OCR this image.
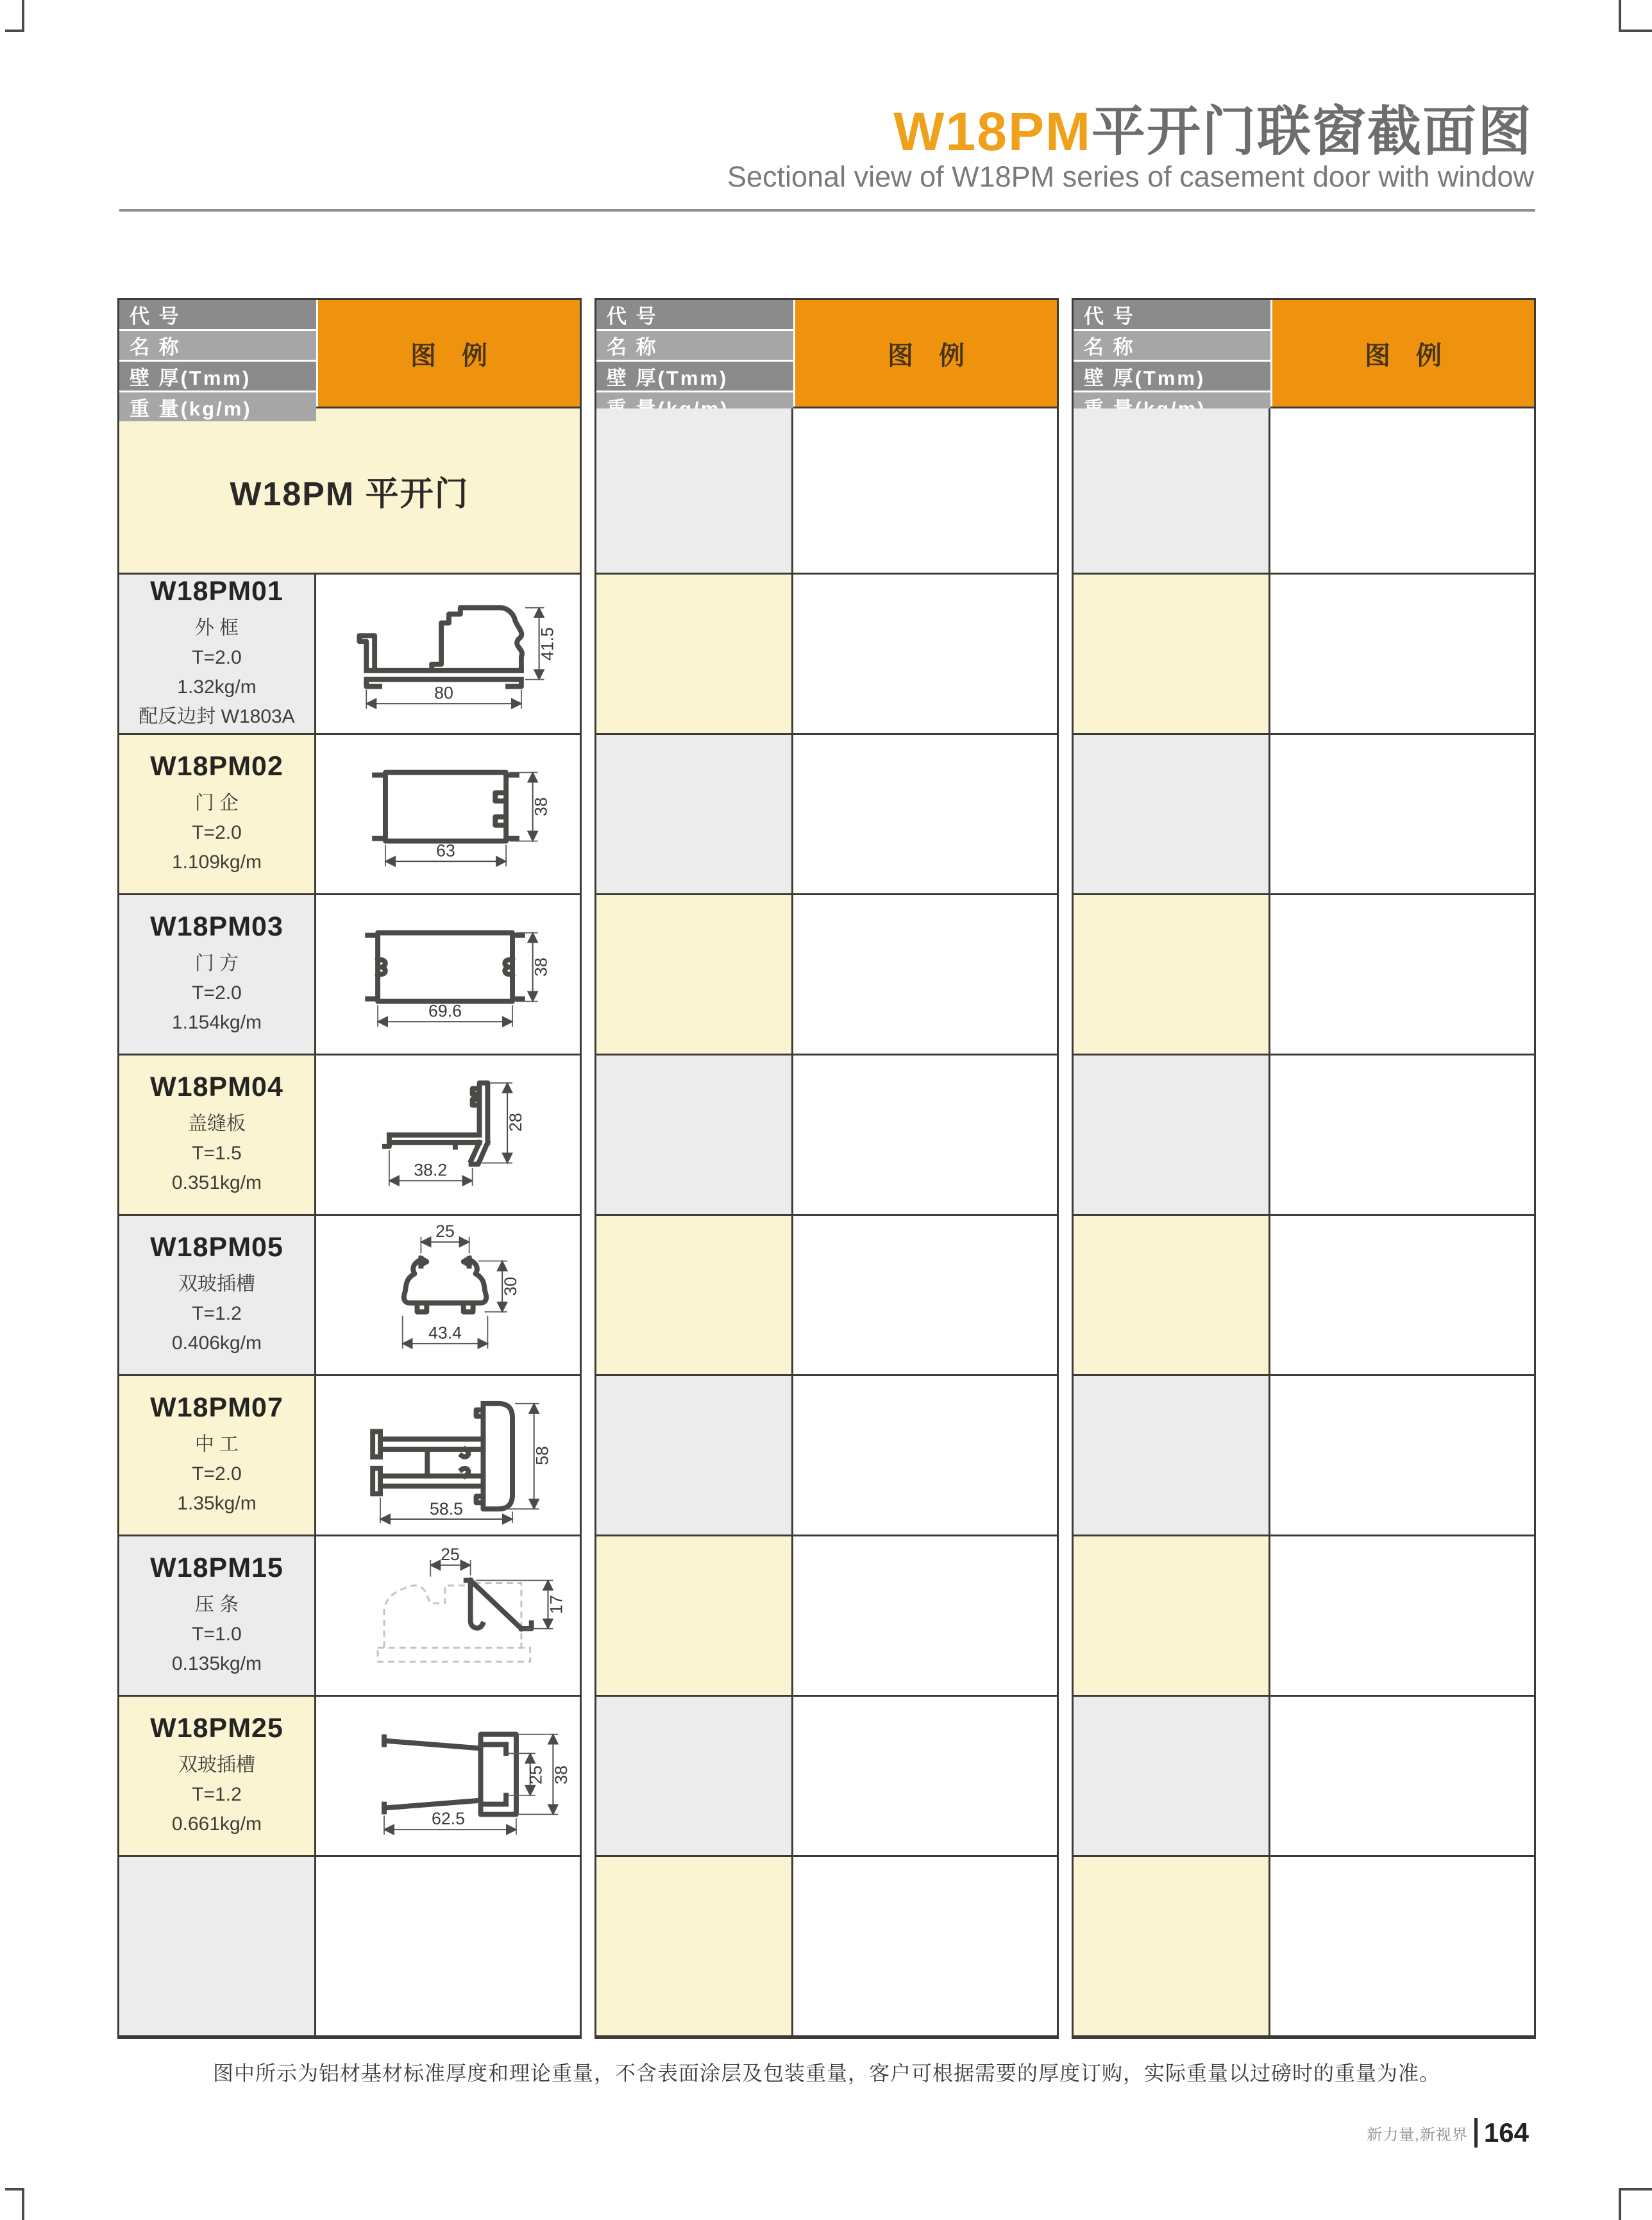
W18PM平开门联窗截面图
Sectional view of W18PM series of casement door with window
代 号
名 称
壁 厚(Tmm)
重 量(kg/m)
图　例
W18PM 平开门
W18PM01
外 框
T=2.0
1.32kg/m
配反边封 W1803A
80
41.5
W18PM02
门 企
T=2.0
1.109kg/m
63
38
W18PM03
门 方
T=2.0
1.154kg/m
69.6
38
W18PM04
盖缝板
T=1.5
0.351kg/m
38.2
28
W18PM05
双玻插槽
T=1.2
0.406kg/m
25
30
43.4
W18PM07
中 工
T=2.0
1.35kg/m	58.5
58
W18PM15
压 条
T=1.0
0.135kg/m
25
17
W18PM25
双玻插槽
T=1.2
0.661kg/m	62.5
25 38
代 号
名 称
壁 厚(Tmm)
图　例
代 号
名 称
壁 厚(Tmm)
图　例
图中所示为铝材基材标准厚度和理论重量，不含表面涂层及包装重量，客户可根据需要的厚度订购，实际重量以过磅时的重量为准。
新力量,新视界 164
